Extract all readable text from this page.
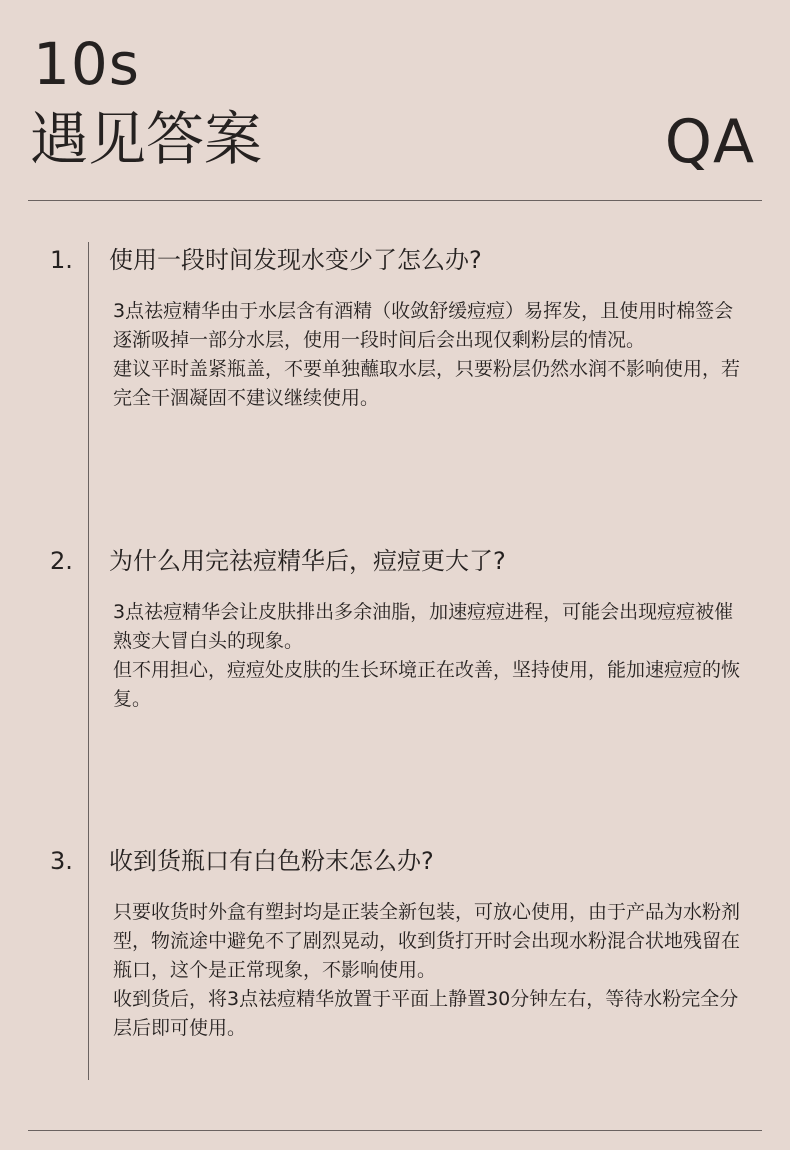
10s
遇见答案	QA
1. 使用一段时间发现水变少了怎么办?

3点祛痘精华由于水层含有酒精（收敛舒缓痘痘）易挥发，且使用时棉签会逐渐吸掉一部分水层，使用一段时间后会出现仅剩粉层的情况。

建议平时盖紧瓶盖，不要单独蘸取水层，只要粉层仍然水润不影响使用，若完全干涸凝固不建议继续使用。

2. 为什么用完祛痘精华后，痘痘更大了?

3点祛痘精华会让皮肤排出多余油脂，加速痘痘进程，可能会出现痘痘被催熟变大冒白头的现象。

但不用担心，痘痘处皮肤的生长环境正在改善，坚持使用，能加速痘痘的恢复。

3. 收到货瓶口有白色粉末怎么办?

只要收货时外盒有塑封均是正装全新包装，可放心使用，由于产品为水粉剂型，物流途中避免不了剧烈晃动，收到货打开时会出现水粉混合状地残留在瓶口，这个是正常现象，不影响使用。

收到货后，将3点祛痘精华放置于平面上静置30分钟左右，等待水粉完全分层后即可使用。
